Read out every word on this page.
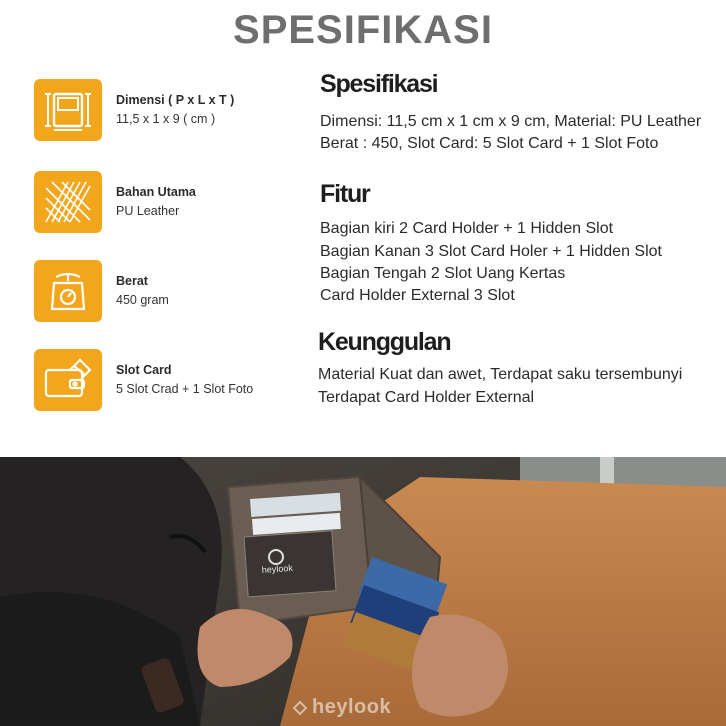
SPESIFIKASI
Dimensi ( P x L x T )
11,5 x 1 x 9 ( cm )
Bahan Utama
PU Leather
Berat
450 gram
Slot Card
5 Slot Crad + 1 Slot Foto
Spesifikasi
Dimensi: 11,5 cm x 1 cm x 9 cm, Material: PU Leather
Berat : 450, Slot Card: 5 Slot Card + 1 Slot Foto
Fitur
Bagian kiri 2 Card Holder + 1 Hidden Slot
Bagian Kanan 3 Slot Card Holer + 1 Hidden Slot
Bagian Tengah 2 Slot Uang Kertas
Card Holder External 3 Slot
Keunggulan
Material Kuat dan awet, Terdapat saku tersembunyi
Terdapat Card Holder External
heylook
heylook
